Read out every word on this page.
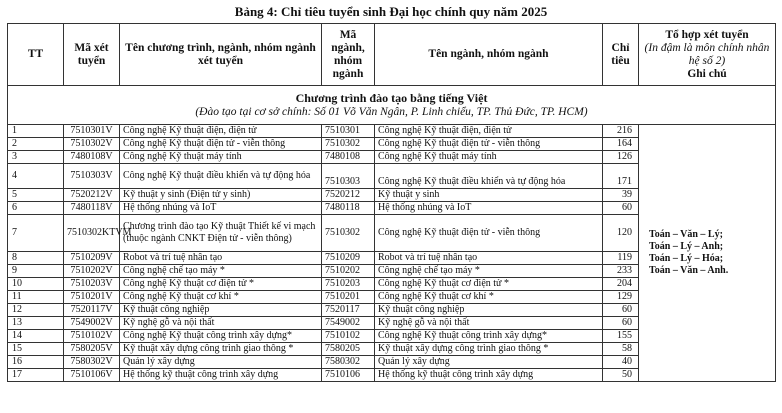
Bảng 4: Chỉ tiêu tuyển sinh Đại học chính quy năm 2025
TT	Mã xét tuyển	Tên chương trình, ngành, nhóm ngành xét tuyển	Mã ngành, nhóm ngành	Tên ngành, nhóm ngành	Chỉ tiêu	Tổ hợp xét tuyển
(In đậm là môn chính nhân hệ số 2)
Ghi chú

Chương trình đào tạo bằng tiếng Việt
(Đào tạo tại cơ sở chính: Số 01 Võ Văn Ngân, P. Linh chiểu, TP. Thủ Đức, TP. HCM)						

1	7510301V	Công nghệ Kỹ thuật điện, điện tử	7510301	Công nghệ Kỹ thuật điện, điện tử	216	Toán – Văn – Lý;
Toán – Lý – Anh;
Toán – Lý – Hóa;
Toán – Văn – Anh.

2	7510302V	Công nghệ Kỹ thuật điện tử - viễn thông	7510302	Công nghệ Kỹ thuật điện tử - viễn thông	164	
3	7480108V	Công nghệ Kỹ thuật máy tính	7480108	Công nghệ Kỹ thuật máy tính	126	
4	7510303V	Công nghệ Kỹ thuật điều khiển và tự động hóa	7510303	Công nghệ Kỹ thuật điều khiển và tự động hóa	171	
5	7520212V	Kỹ thuật y sinh (Điện tử y sinh)	7520212	Kỹ thuật y sinh	39	
6	7480118V	Hệ thống nhúng và IoT	7480118	Hệ thống nhúng và IoT	60	
7	7510302KTVM	Chương trình đào tạo Kỹ thuật Thiết kế vi mạch (thuộc ngành CNKT Điện tử - viễn thông)	7510302	Công nghệ Kỹ thuật điện tử - viễn thông	120	
8	7510209V	Robot và trí tuệ nhân tạo	7510209	Robot và trí tuệ nhân tạo	119	
9	7510202V	Công nghệ chế tạo máy *	7510202	Công nghệ chế tạo máy *	233	
10	7510203V	Công nghệ Kỹ thuật cơ điện tử *	7510203	Công nghệ Kỹ thuật cơ điện tử *	204	
11	7510201V	Công nghệ Kỹ thuật cơ khí *	7510201	Công nghệ Kỹ thuật cơ khí *	129	
12	7520117V	Kỹ thuật công nghiệp	7520117	Kỹ thuật công nghiệp	60	
13	7549002V	Kỹ nghệ gỗ và nội thất	7549002	Kỹ nghệ gỗ và nội thất	60	
14	7510102V	Công nghệ Kỹ thuật công trình xây dựng*	7510102	Công nghệ Kỹ thuật công trình xây dựng*	155	
15	7580205V	Kỹ thuật xây dựng công trình giao thông *	7580205	Kỹ thuật xây dựng công trình giao thông *	58	
16	7580302V	Quản lý xây dựng	7580302	Quản lý xây dựng	40	
17	7510106V	Hệ thống kỹ thuật công trình xây dựng	7510106	Hệ thống kỹ thuật công trình xây dựng	50	
